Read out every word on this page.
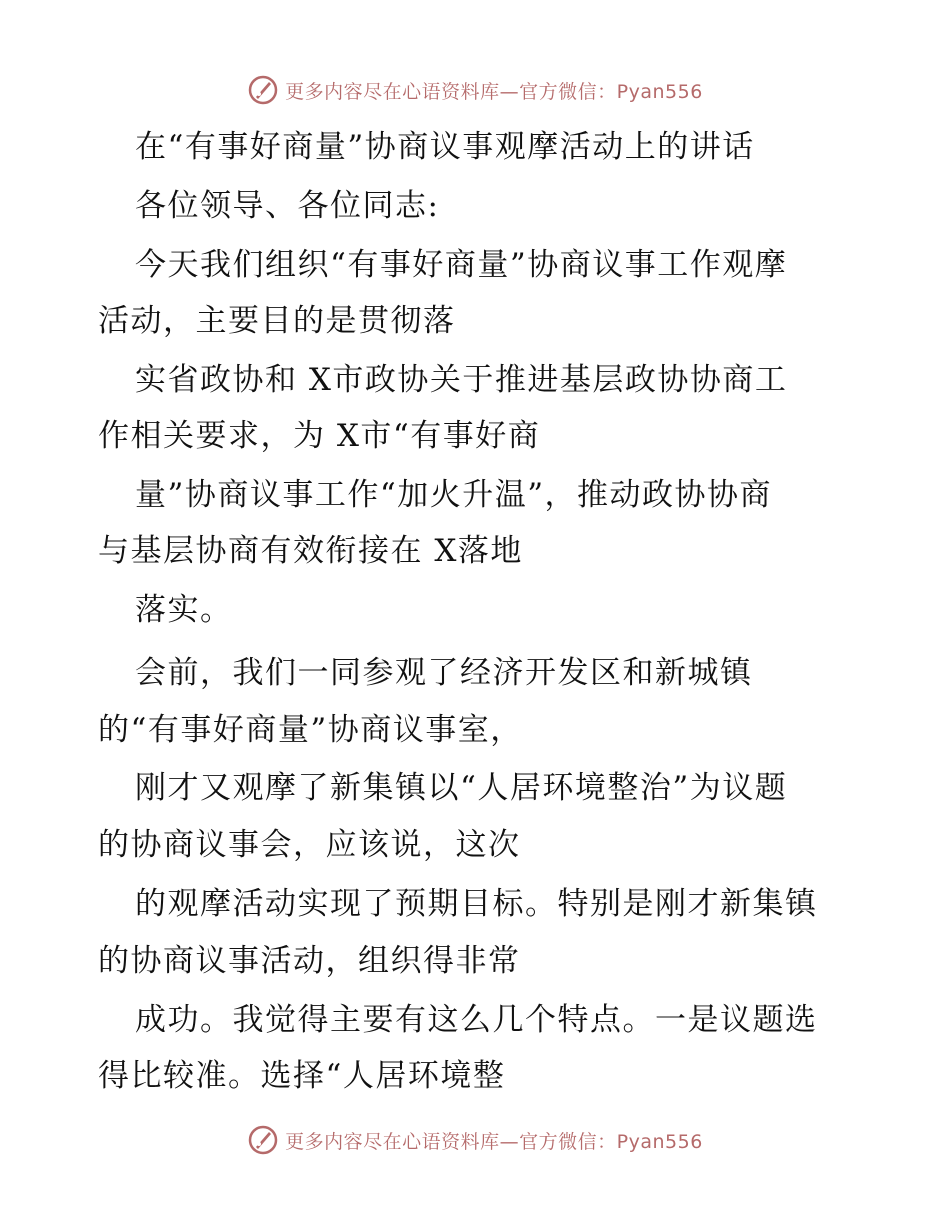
更多内容尽在心语资料库—官方微信：Pyan556
在“有事好商量”协商议事观摩活动上的讲话
各位领导、各位同志:
今天我们组织“有事好商量”协商议事工作观摩
活动，主要目的是贯彻落
实省政协和 X市政协关于推进基层政协协商工
作相关要求，为 X市“有事好商
量”协商议事工作“加火升温”，推动政协协商
与基层协商有效衔接在 X落地
落实。
会前，我们一同参观了经济开发区和新城镇
的“有事好商量”协商议事室，
刚才又观摩了新集镇以“人居环境整治”为议题
的协商议事会，应该说，这次
的观摩活动实现了预期目标。特别是刚才新集镇
的协商议事活动，组织得非常
成功。我觉得主要有这么几个特点。一是议题选
得比较准。选择“人居环境整
更多内容尽在心语资料库—官方微信：Pyan556
